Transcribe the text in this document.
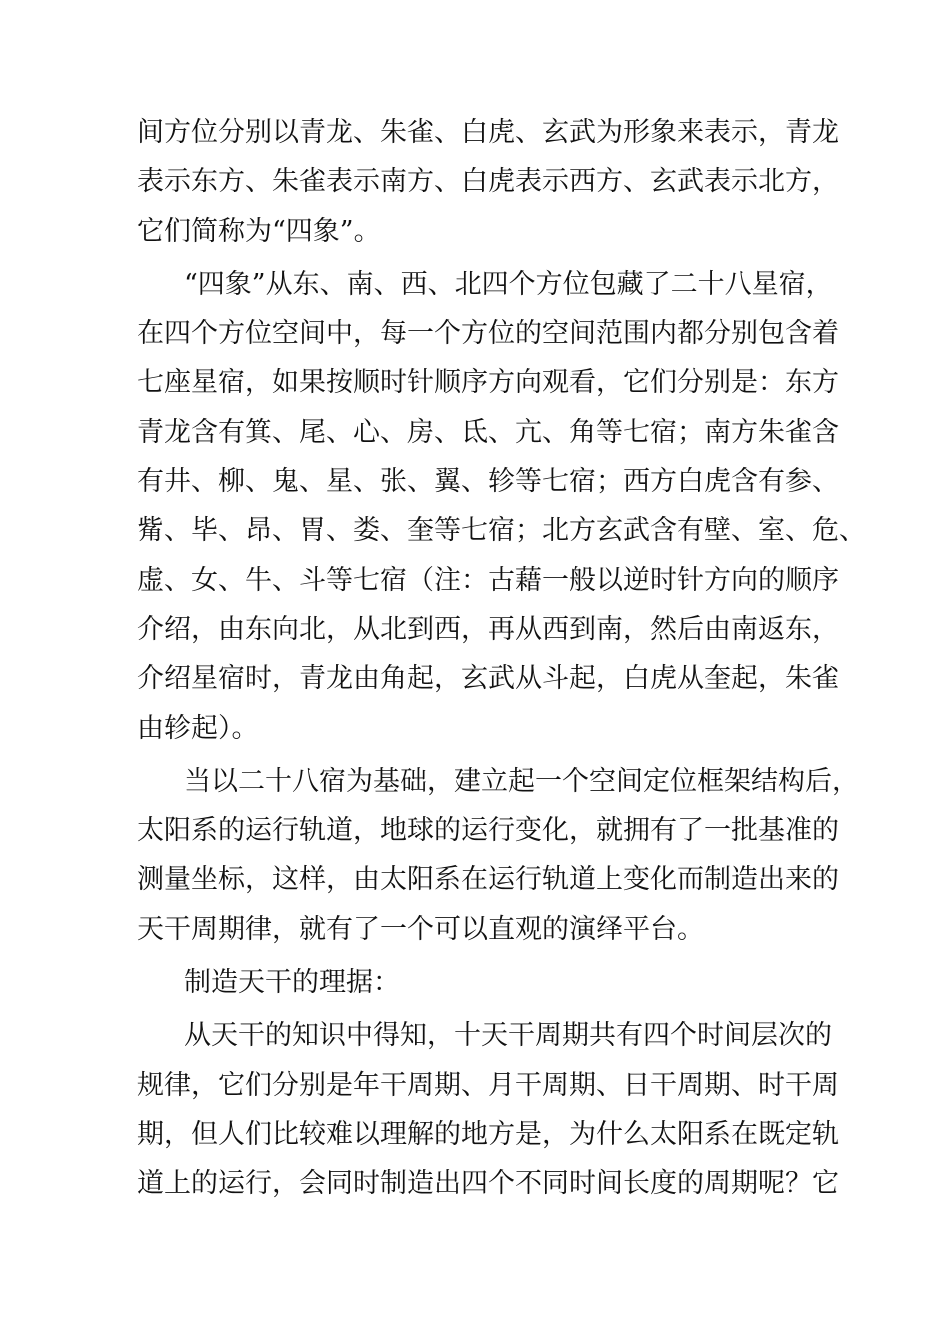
间方位分别以青龙、朱雀、白虎、玄武为形象来表示，青龙
表示东方、朱雀表示南方、白虎表示西方、玄武表示北方，
它们简称为“四象”。
“四象”从东、南、西、北四个方位包藏了二十八星宿，
在四个方位空间中，每一个方位的空间范围内都分别包含着
七座星宿，如果按顺时针顺序方向观看，它们分别是：东方
青龙含有箕、尾、心、房、氐、亢、角等七宿；南方朱雀含
有井、柳、鬼、星、张、翼、轸等七宿；西方白虎含有参、
觜、毕、昂、胃、娄、奎等七宿；北方玄武含有壁、室、危、
虚、女、牛、斗等七宿（注：古藉一般以逆时针方向的顺序
介绍，由东向北，从北到西，再从西到南，然后由南返东，
介绍星宿时，青龙由角起，玄武从斗起，白虎从奎起，朱雀
由轸起）。
当以二十八宿为基础，建立起一个空间定位框架结构后，
太阳系的运行轨道，地球的运行变化，就拥有了一批基准的
测量坐标，这样，由太阳系在运行轨道上变化而制造出来的
天干周期律，就有了一个可以直观的演绎平台。
制造天干的理据：
从天干的知识中得知，十天干周期共有四个时间层次的
规律，它们分别是年干周期、月干周期、日干周期、时干周
期，但人们比较难以理解的地方是，为什么太阳系在既定轨
道上的运行，会同时制造出四个不同时间长度的周期呢？它
